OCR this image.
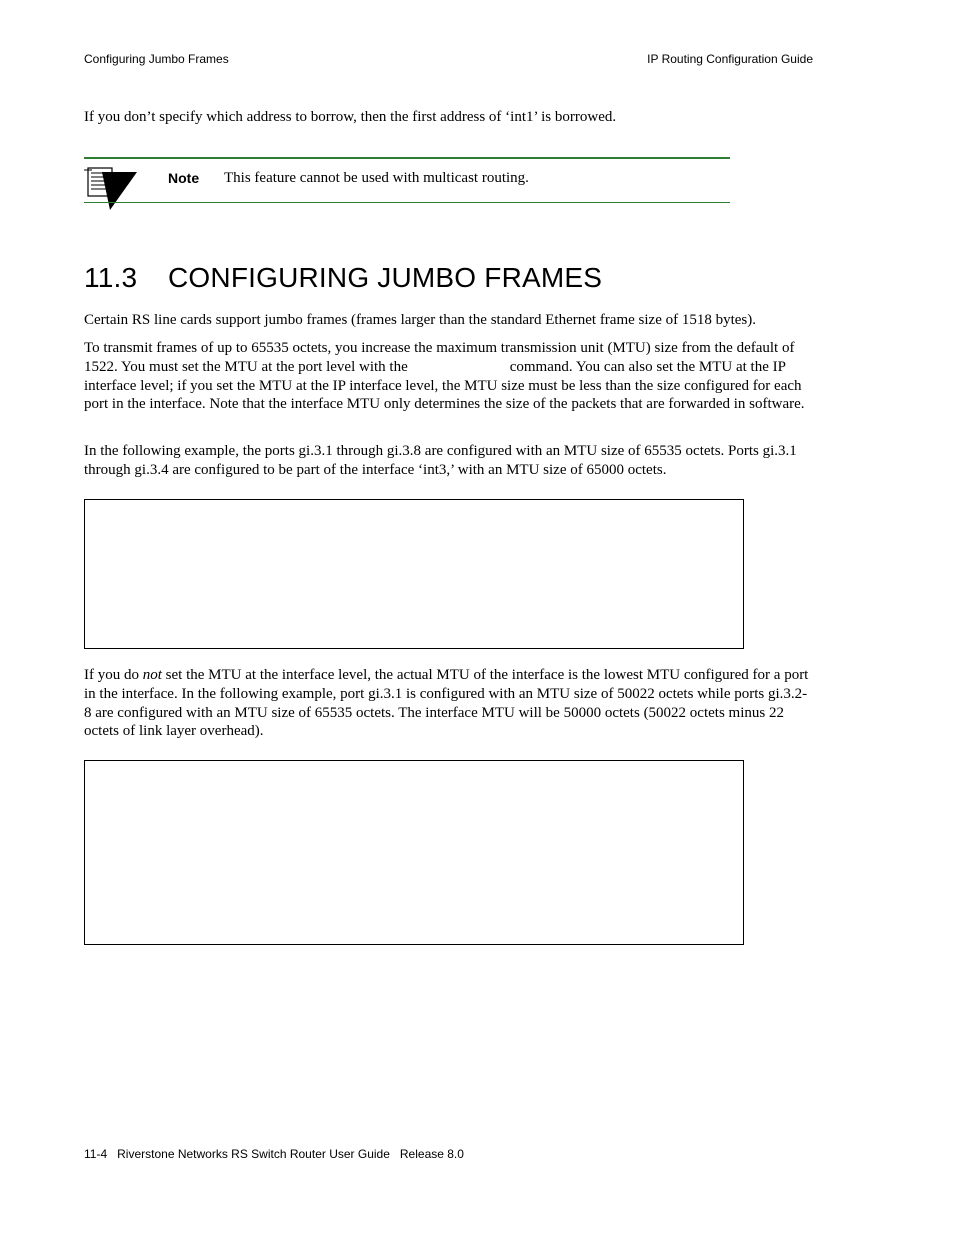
Configuring Jumbo Frames	IP Routing Configuration Guide
If you don’t specify which address to borrow, then the first address of ‘int1’ is borrowed.
Note This feature cannot be used with multicast routing.
11.3 CONFIGURING JUMBO FRAMES
Certain RS line cards support jumbo frames (frames larger than the standard Ethernet frame size of 1518 bytes).
To transmit frames of up to 65535 octets, you increase the maximum transmission unit (MTU) size from the default of 1522. You must set the MTU at the port level with the	command. You can also set the MTU at the IP interface level; if you set the MTU at the IP interface level, the MTU size must be less than the size configured for each port in the interface. Note that the interface MTU only determines the size of the packets that are forwarded in software.
In the following example, the ports gi.3.1 through gi.3.8 are configured with an MTU size of 65535 octets. Ports gi.3.1 through gi.3.4 are configured to be part of the interface ‘int3,’ with an MTU size of 65000 octets.
If you do not set the MTU at the interface level, the actual MTU of the interface is the lowest MTU configured for a port in the interface. In the following example, port gi.3.1 is configured with an MTU size of 50022 octets while ports gi.3.2-8 are configured with an MTU size of 65535 octets. The interface MTU will be 50000 octets (50022 octets minus 22 octets of link layer overhead).
11-4   Riverstone Networks RS Switch Router User Guide   Release 8.0
